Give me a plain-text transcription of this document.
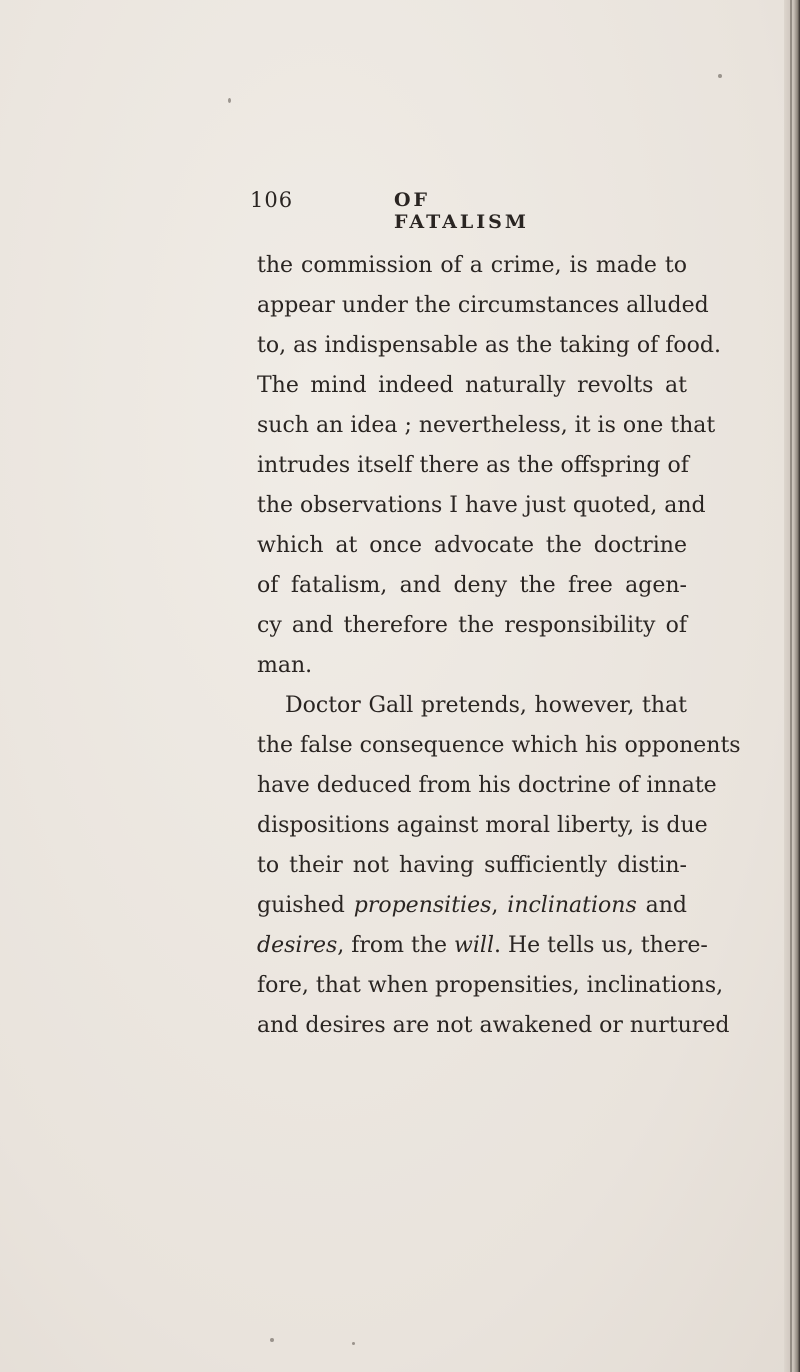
106	OF FATALISM
the commission of a crime, is made to
appear under the circumstances alluded
to, as indispensable as the taking of food.
The mind indeed naturally revolts at
such an idea ; nevertheless, it is one that
intrudes itself there as the offspring of
the observations I have just quoted, and
which at once advocate the doctrine
of fatalism, and deny the free agen-
cy and therefore the responsibility of
man.
Doctor Gall pretends, however, that
the false consequence which his opponents
have deduced from his doctrine of innate
dispositions against moral liberty, is due
to their not having sufficiently distin-
guished propensities, inclinations and
desires, from the will. He tells us, there-
fore, that when propensities, inclinations,
and desires are not awakened or nurtured
